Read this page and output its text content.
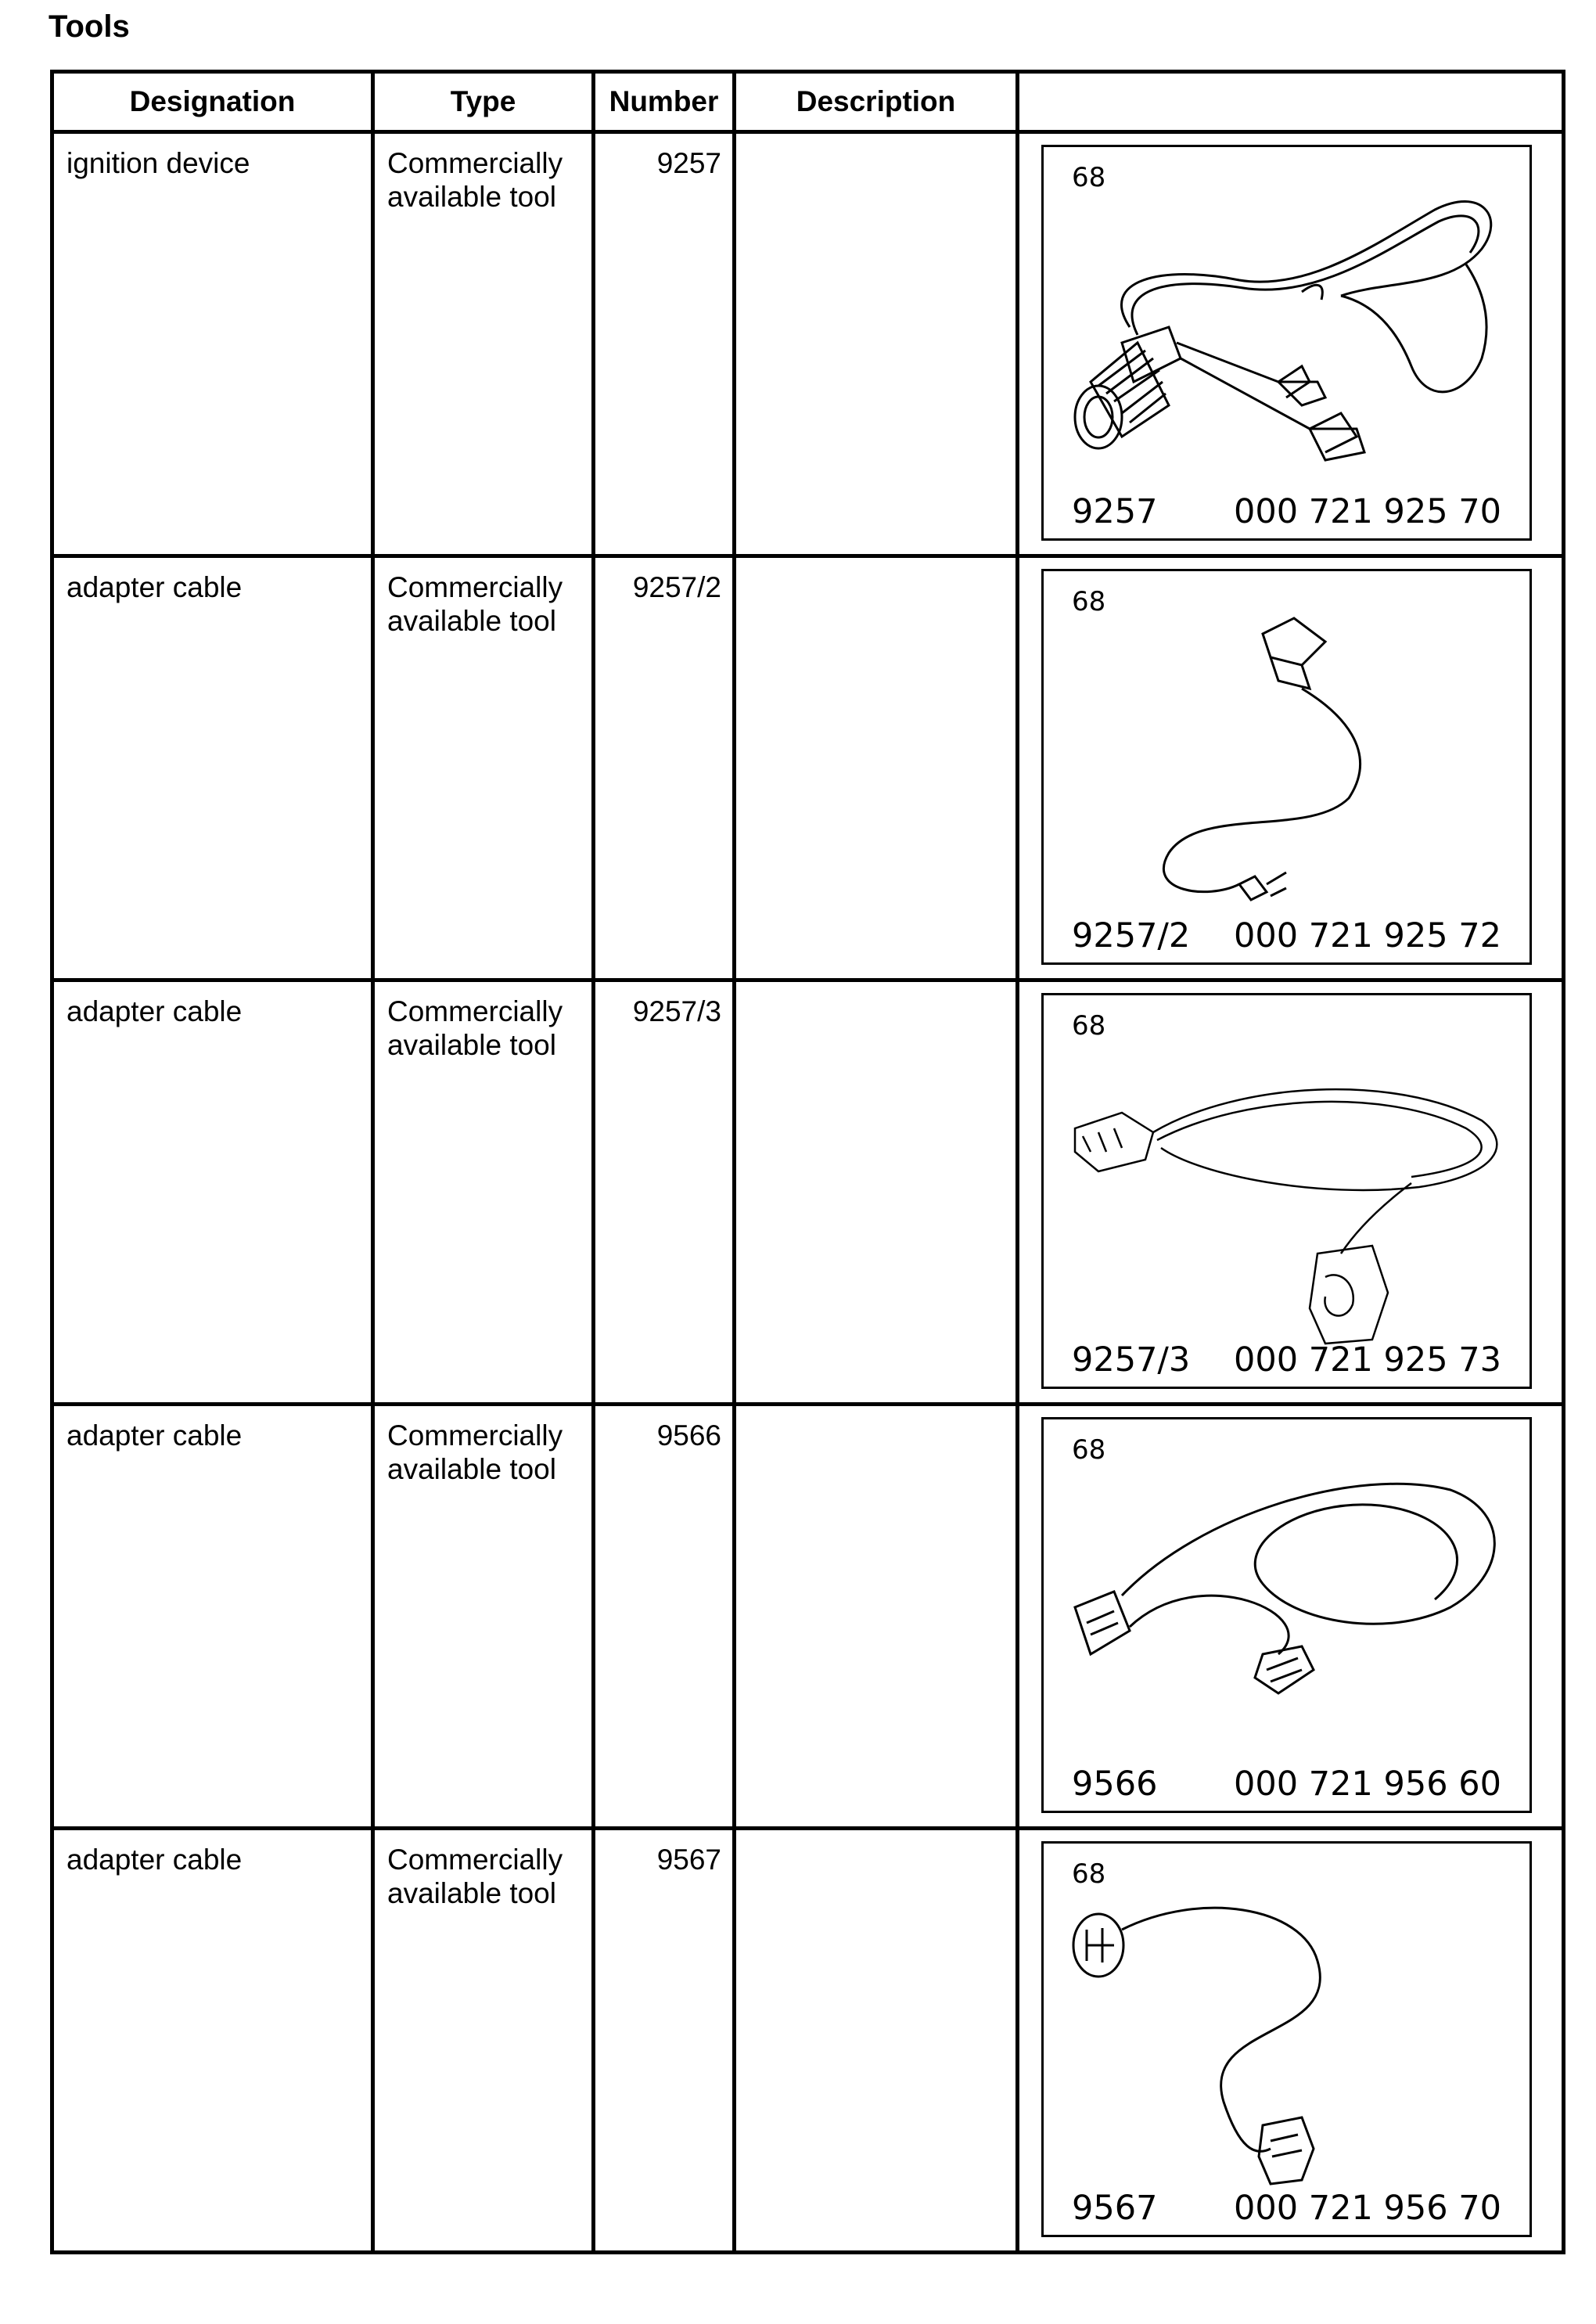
Tools
Designation	Type	Number	Description	

ignition device	Commercially available tool	9257		68
9257 000 721 925 70

adapter cable	Commercially available tool	9257/2		68
9257/2 000 721 925 72

adapter cable	Commercially available tool	9257/3		68
9257/3 000 721 925 73

adapter cable	Commercially available tool	9566		68
9566 000 721 956 60

adapter cable	Commercially available tool	9567		68
9567 000 721 956 70
